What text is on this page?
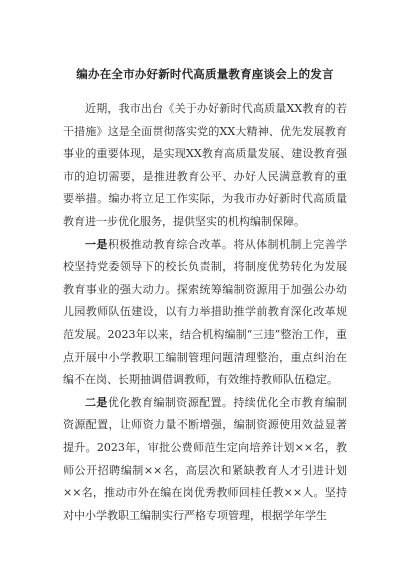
编办在全市办好新时代高质量教育座谈会上的发言

近期，我市出台《关于办好新时代高质量XX教育的若干措施》这是全面贯彻落实党的XX大精神、优先发展教育事业的重要体现，是实现XX教育高质量发展、建设教育强市的迫切需要，是推进教育公平、办好人民满意教育的重要举措。编办将立足工作实际，为我市办好新时代高质量教育进一步优化服务，提供坚实的机构编制保障。

一是积极推动教育综合改革。将从体制机制上完善学校坚持党委领导下的校长负责制，将制度优势转化为发展教育事业的强大动力。探索统筹编制资源用于加强公办幼儿园教师队伍建设，以有力举措助推学前教育深化改革规范发展。2023年以来，结合机构编制“三违”整治工作，重点开展中小学教职工编制管理问题清理整治，重点纠治在编不在岗、长期抽调借调教师，有效维持教师队伍稳定。

二是优化教育编制资源配置。持续优化全市教育编制资源配置，让师资力量不断增强，编制资源使用效益显著提升。2023年，审批公费师范生定向培养计划××名，教师公开招聘编制××名，高层次和紧缺教育人才引进计划××名，推动市外在编在岗优秀教师回桂任教××人。坚持对中小学教职工编制实行严格专项管理，根据学年学生
